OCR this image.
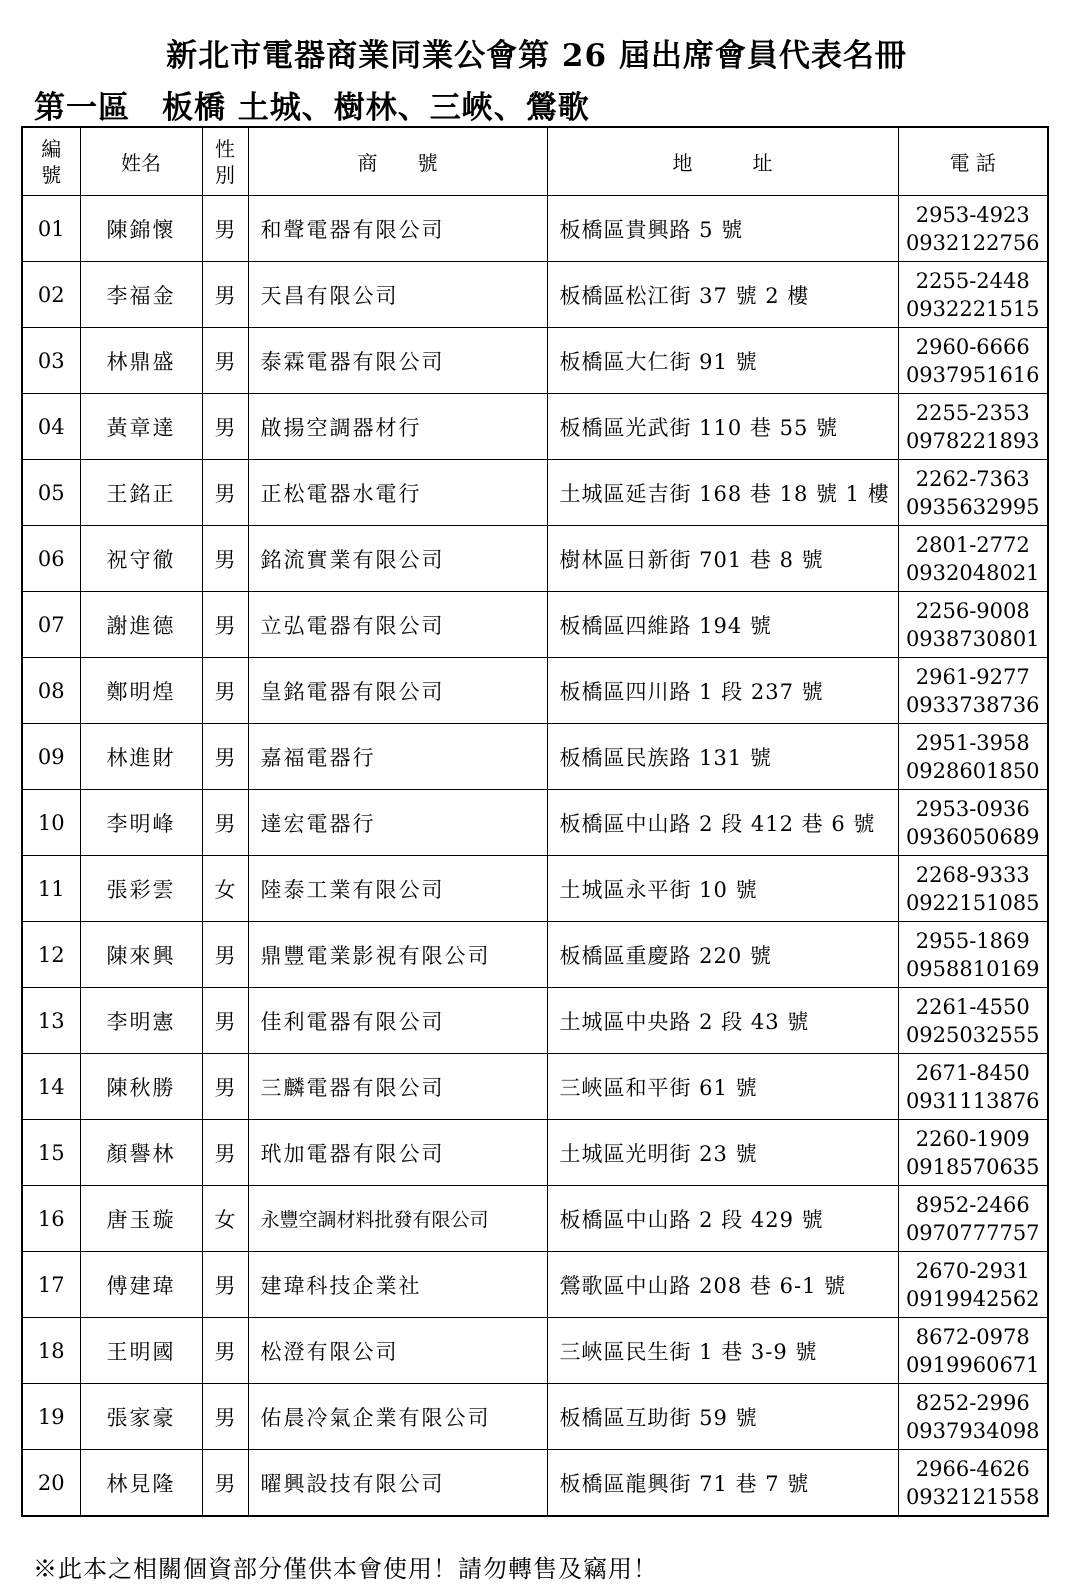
新北市電器商業同業公會第 26 屆出席會員代表名冊
第一區　板橋 土城、樹林、三峽、鶯歌
編
號	姓名	性
別	商　　號	地　　　址	電 話
01	陳錦懷	男	和聲電器有限公司	板橋區貴興路 5 號	2953-4923
0932122756

02	李福金	男	天昌有限公司	板橋區松江街 37 號 2 樓	2255-2448
0932221515

03	林鼎盛	男	泰霖電器有限公司	板橋區大仁街 91 號	2960-6666
0937951616

04	黃章達	男	啟揚空調器材行	板橋區光武街 110 巷 55 號	2255-2353
0978221893

05	王銘正	男	正松電器水電行	土城區延吉街 168 巷 18 號 1 樓	2262-7363
0935632995

06	祝守徹	男	銘流實業有限公司	樹林區日新街 701 巷 8 號	2801-2772
0932048021

07	謝進德	男	立弘電器有限公司	板橋區四維路 194 號	2256-9008
0938730801

08	鄭明煌	男	皇銘電器有限公司	板橋區四川路 1 段 237 號	2961-9277
0933738736

09	林進財	男	嘉福電器行	板橋區民族路 131 號	2951-3958
0928601850

10	李明峰	男	達宏電器行	板橋區中山路 2 段 412 巷 6 號	2953-0936
0936050689

11	張彩雲	女	陸泰工業有限公司	土城區永平街 10 號	2268-9333
0922151085

12	陳來興	男	鼎豐電業影視有限公司	板橋區重慶路 220 號	2955-1869
0958810169

13	李明憲	男	佳利電器有限公司	土城區中央路 2 段 43 號	2261-4550
0925032555

14	陳秋勝	男	三麟電器有限公司	三峽區和平街 61 號	2671-8450
0931113876

15	顏譽林	男	玳加電器有限公司	土城區光明街 23 號	2260-1909
0918570635

16	唐玉璇	女	永豐空調材料批發有限公司	板橋區中山路 2 段 429 號	8952-2466
0970777757

17	傅建瑋	男	建瑋科技企業社	鶯歌區中山路 208 巷 6-1 號	2670-2931
0919942562

18	王明國	男	松澄有限公司	三峽區民生街 1 巷 3-9 號	8672-0978
0919960671

19	張家豪	男	佑晨冷氣企業有限公司	板橋區互助街 59 號	8252-2996
0937934098

20	林見隆	男	曜興設技有限公司	板橋區龍興街 71 巷 7 號	2966-4626
0932121558
※此本之相關個資部分僅供本會使用！請勿轉售及竊用！
